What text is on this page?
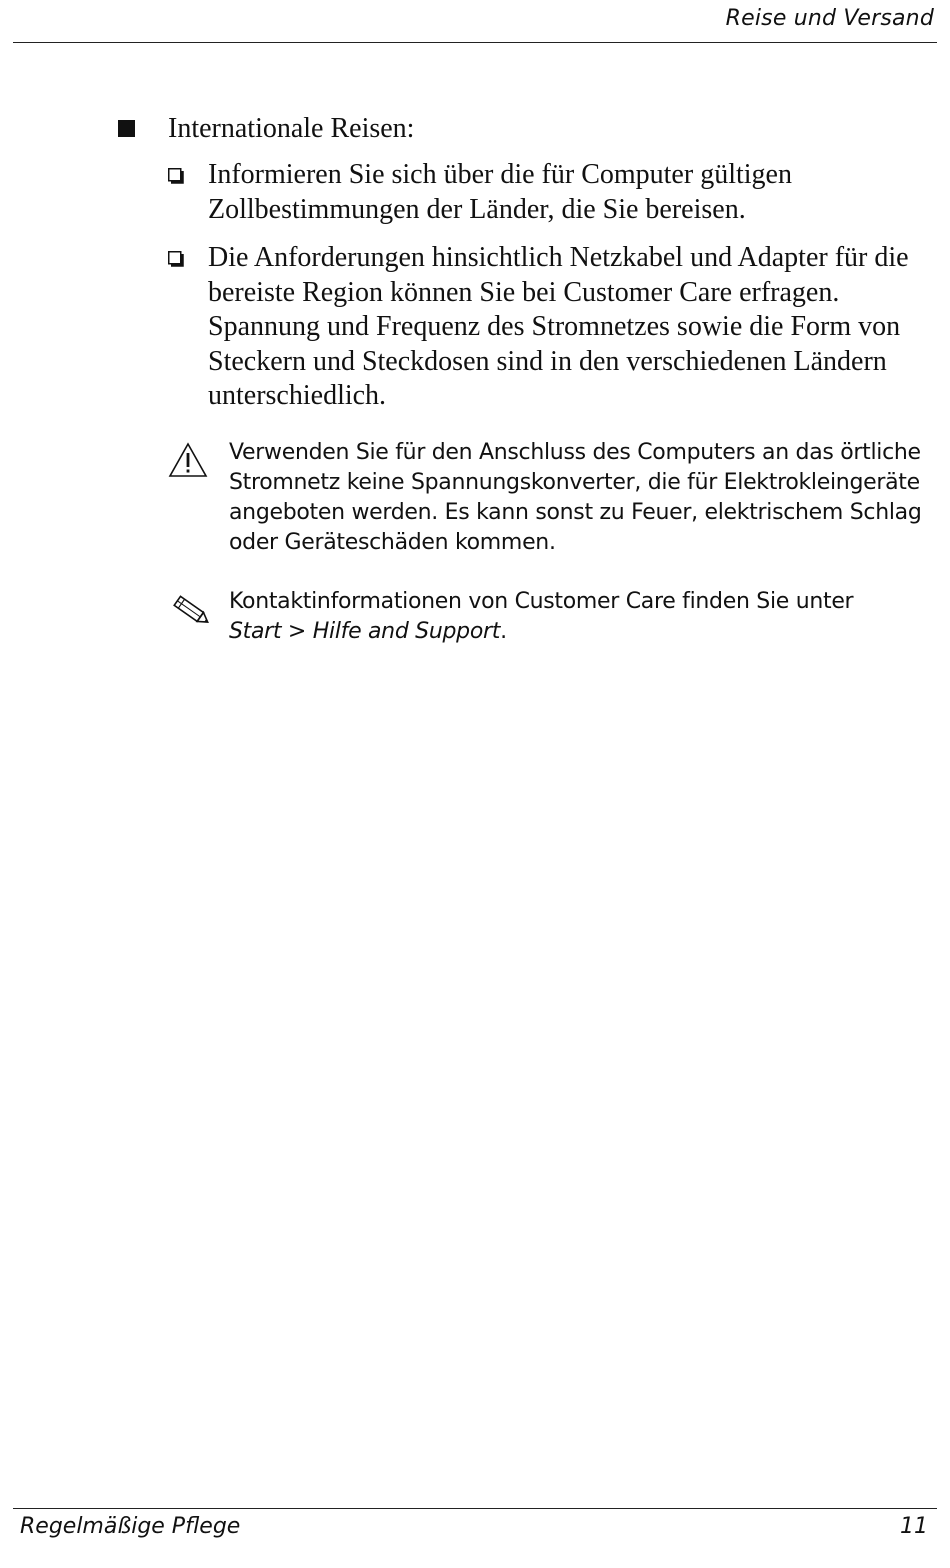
Reise und Versand
Internationale Reisen:
Informieren Sie sich über die für Computer gültigen Zollbestimmungen der Länder, die Sie bereisen.
Die Anforderungen hinsichtlich Netzkabel und Adapter für die bereiste Region können Sie bei Customer Care erfragen. Spannung und Frequenz des Stromnetzes sowie die Form von Steckern und Steckdosen sind in den verschiedenen Ländern unterschiedlich.
Verwenden Sie für den Anschluss des Computers an das örtliche Stromnetz keine Spannungskonverter, die für Elektrokleingeräte angeboten werden. Es kann sonst zu Feuer, elektrischem Schlag oder Geräteschäden kommen.
Kontaktinformationen von Customer Care finden Sie unter
Start > Hilfe and Support.
Regelmäßige Pflege	11
